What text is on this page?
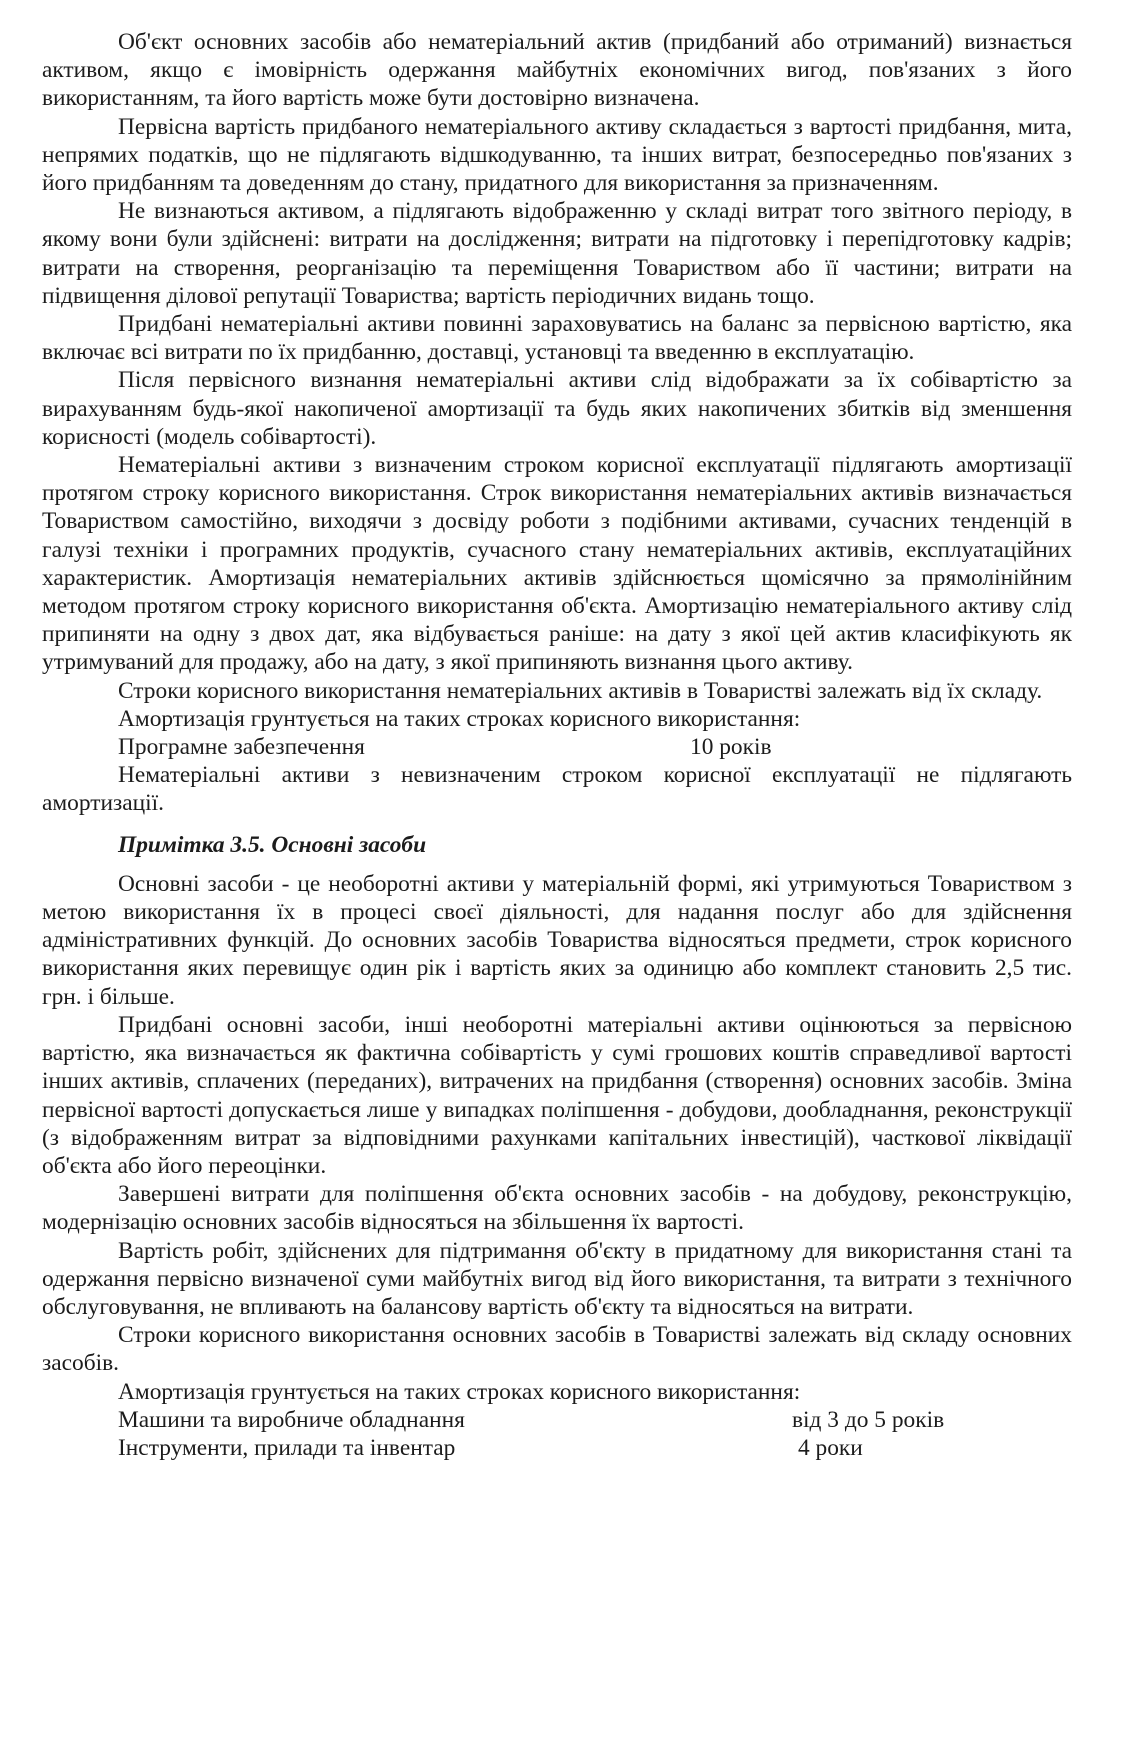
Об'єкт основних засобів або нематеріальний актив (придбаний або отриманий) визнається активом, якщо є імовірність одержання майбутніх економічних вигод, пов'язаних з його використанням, та його вартість може бути достовірно визначена.

Первісна вартість придбаного нематеріального активу складається з вартості придбання, мита, непрямих податків, що не підлягають відшкодуванню, та інших витрат, безпосередньо пов'язаних з його придбанням та доведенням до стану, придатного для використання за призначенням.

Не визнаються активом, а підлягають відображенню у складі витрат того звітного періоду, в якому вони були здійснені: витрати на дослідження; витрати на підготовку і перепідготовку кадрів; витрати на створення, реорганізацію та переміщення Товариством або її частини; витрати на підвищення ділової репутації Товариства; вартість періодичних видань тощо.

Придбані нематеріальні активи повинні зараховуватись на баланс за первісною вартістю, яка включає всі витрати по їх придбанню, доставці, установці та введенню в експлуатацію.

Після первісного визнання нематеріальні активи слід відображати за їх собівартістю за вирахуванням будь-якої накопиченої амортизації та будь яких накопичених збитків від зменшення корисності (модель собівартості).

Нематеріальні активи з визначеним строком корисної експлуатації підлягають амортизації протягом строку корисного використання. Строк використання нематеріальних активів визначається Товариством самостійно, виходячи з досвіду роботи з подібними активами, сучасних тенденцій в галузі техніки і програмних продуктів, сучасного стану нематеріальних активів, експлуатаційних характеристик. Амортизація нематеріальних активів здійснюється щомісячно за прямолінійним методом протягом строку корисного використання об'єкта. Амортизацію нематеріального активу слід припиняти на одну з двох дат, яка відбувається раніше: на дату з якої цей актив класифікують як утримуваний для продажу, або на дату, з якої припиняють визнання цього активу.

Строки корисного використання нематеріальних активів в Товаристві залежать від їх складу.

Амортизація грунтується на таких строках корисного використання:

Програмне забезпечення	10 років

Нематеріальні активи з невизначеним строком корисної експлуатації не підлягають амортизації.

Примітка 3.5. Основні засоби

Основні засоби - це необоротні активи у матеріальній формі, які утримуються Товариством з метою використання їх в процесі своєї діяльності, для надання послуг або для здійснення адміністративних функцій. До основних засобів Товариства відносяться предмети, строк корисного використання яких перевищує один рік і вартість яких за одиницю або комплект становить 2,5 тис. грн. і більше.

Придбані основні засоби, інші необоротні матеріальні активи оцінюються за первісною вартістю, яка визначається як фактична собівартість у сумі грошових коштів справедливої вартості інших активів, сплачених (переданих), витрачених на придбання (створення) основних засобів. Зміна первісної вартості допускається лише у випадках поліпшення - добудови, дообладнання, реконструкції (з відображенням витрат за відповідними рахунками капітальних інвестицій), часткової ліквідації об'єкта або його переоцінки.

Завершені витрати для поліпшення об'єкта основних засобів - на добудову, реконструкцію, модернізацію основних засобів відносяться на збільшення їх вартості.

Вартість робіт, здійснених для підтримання об'єкту в придатному для використання стані та одержання первісно визначеної суми майбутніх вигод від його використання, та витрати з технічного обслуговування, не впливають на балансову вартість об'єкту та відносяться на витрати.

Строки корисного використання основних засобів в Товаристві залежать від складу основних засобів.

Амортизація грунтується на таких строках корисного використання:

Машини та виробниче обладнання	від 3 до 5 років
Інструменти, прилади та інвентар	4 роки
